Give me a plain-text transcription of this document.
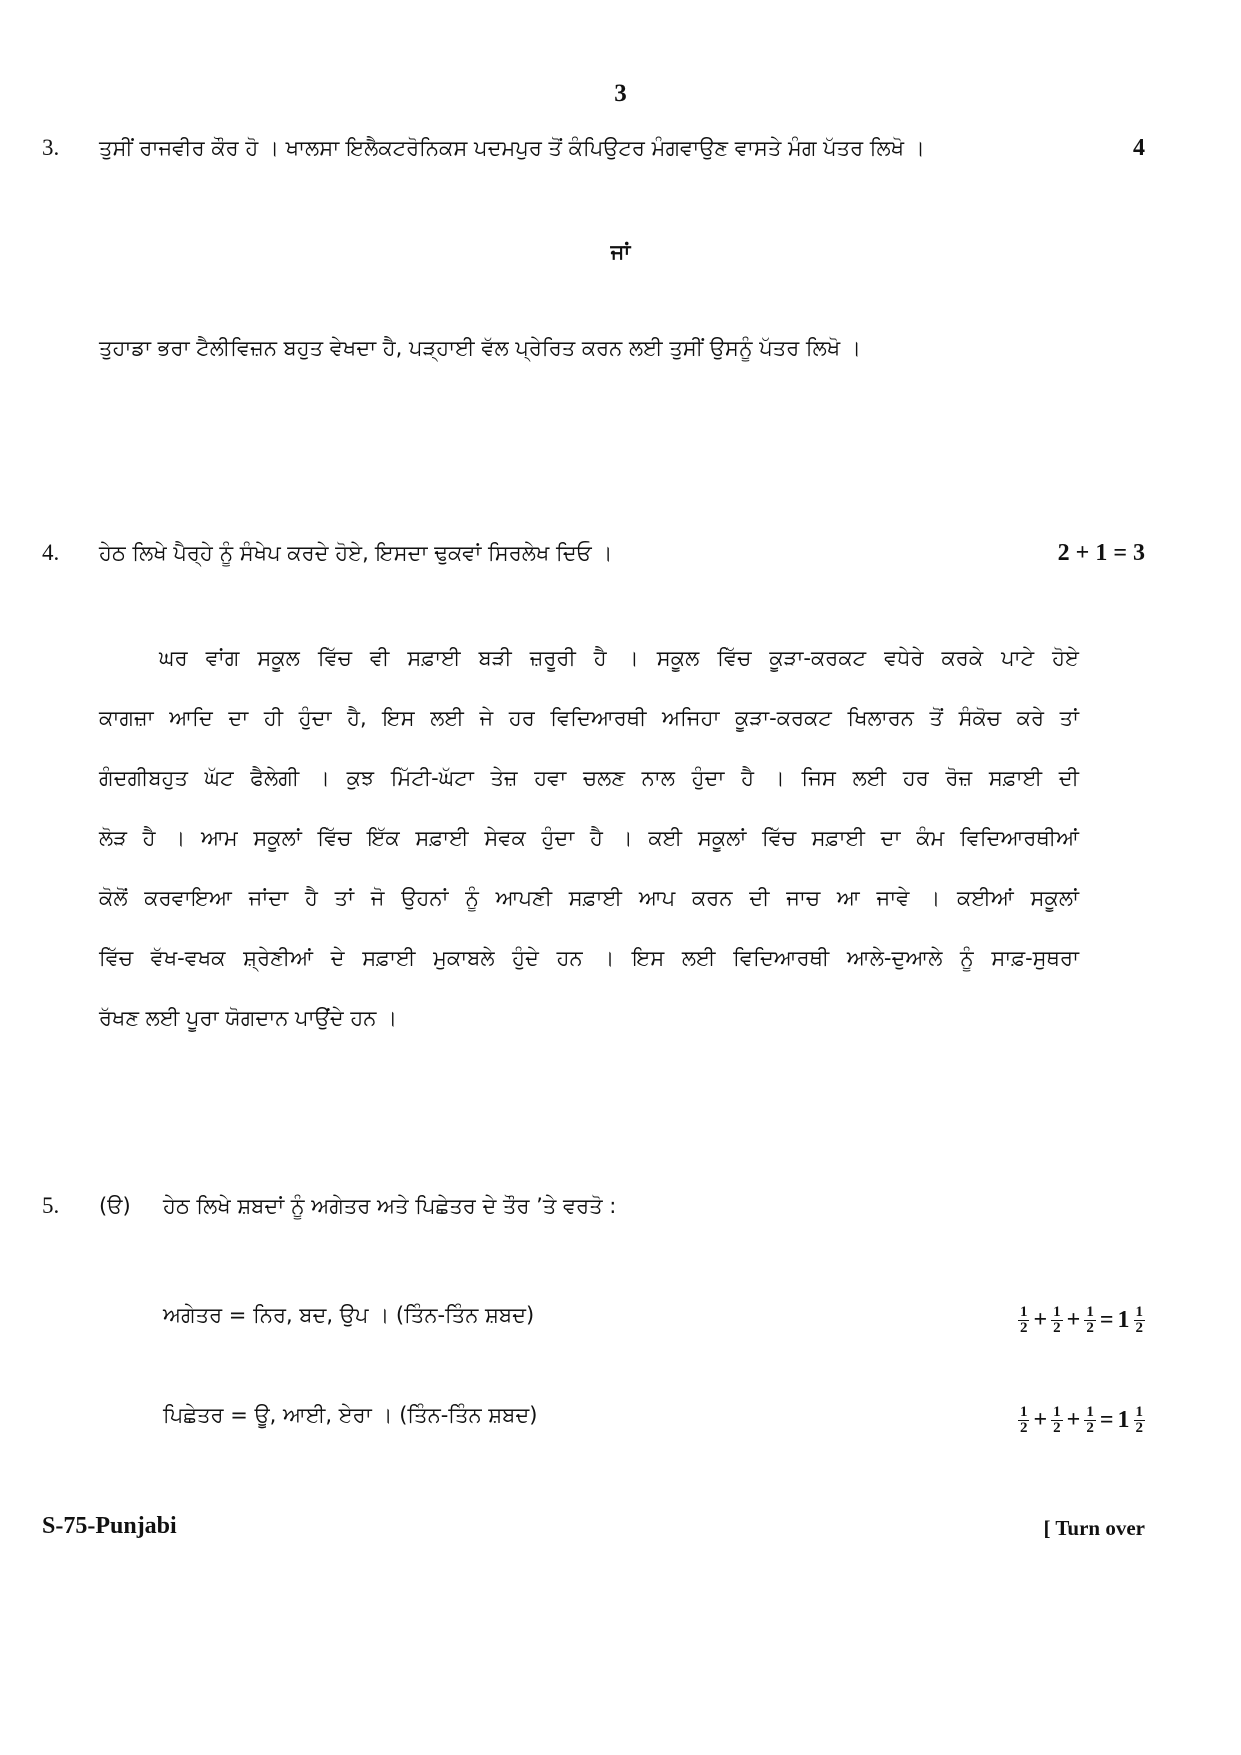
3
3. ਤੁਸੀਂ ਰਾਜਵੀਰ ਕੌਰ ਹੋ । ਖਾਲਸਾ ਇਲੈਕਟਰੋਨਿਕਸ ਪਦਮਪੁਰ ਤੋਂ ਕੰਪਿਉਟਰ ਮੰਗਵਾਉਣ ਵਾਸਤੇ ਮੰਗ ਪੱਤਰ ਲਿਖੋ ।	4
ਜਾਂ
ਤੁਹਾਡਾ ਭਰਾ ਟੈਲੀਵਿਜ਼ਨ ਬਹੁਤ ਵੇਖਦਾ ਹੈ, ਪੜ੍ਹਾਈ ਵੱਲ ਪ੍ਰੇਰਿਤ ਕਰਨ ਲਈ ਤੁਸੀਂ ਉਸਨੂੰ ਪੱਤਰ ਲਿਖੋ ।
4. ਹੇਠ ਲਿਖੇ ਪੈਰ੍ਹੇ ਨੂੰ ਸੰਖੇਪ ਕਰਦੇ ਹੋਏ, ਇਸਦਾ ਢੁਕਵਾਂ ਸਿਰਲੇਖ ਦਿਓ ।	2 + 1 = 3
ਘਰ ਵਾਂਗ ਸਕੂਲ ਵਿੱਚ ਵੀ ਸਫ਼ਾਈ ਬੜੀ ਜ਼ਰੂਰੀ ਹੈ । ਸਕੂਲ ਵਿੱਚ ਕੂੜਾ-ਕਰਕਟ ਵਧੇਰੇ ਕਰਕੇ ਪਾਟੇ ਹੋਏ
ਕਾਗਜ਼ਾ ਆਦਿ ਦਾ ਹੀ ਹੁੰਦਾ ਹੈ, ਇਸ ਲਈ ਜੇ ਹਰ ਵਿਦਿਆਰਥੀ ਅਜਿਹਾ ਕੂੜਾ-ਕਰਕਟ ਖਿਲਾਰਨ ਤੋਂ ਸੰਕੋਚ ਕਰੇ ਤਾਂ
ਗੰਦਗੀਬਹੁਤ ਘੱਟ ਫੈਲੇਗੀ । ਕੁਝ ਮਿੱਟੀ-ਘੱਟਾ ਤੇਜ਼ ਹਵਾ ਚਲਣ ਨਾਲ ਹੁੰਦਾ ਹੈ । ਜਿਸ ਲਈ ਹਰ ਰੋਜ਼ ਸਫ਼ਾਈ ਦੀ
ਲੋੜ ਹੈ । ਆਮ ਸਕੂਲਾਂ ਵਿੱਚ ਇੱਕ ਸਫ਼ਾਈ ਸੇਵਕ ਹੁੰਦਾ ਹੈ । ਕਈ ਸਕੂਲਾਂ ਵਿੱਚ ਸਫ਼ਾਈ ਦਾ ਕੰਮ ਵਿਦਿਆਰਥੀਆਂ
ਕੋਲੋਂ ਕਰਵਾਇਆ ਜਾਂਦਾ ਹੈ ਤਾਂ ਜੋ ਉਹਨਾਂ ਨੂੰ ਆਪਣੀ ਸਫ਼ਾਈ ਆਪ ਕਰਨ ਦੀ ਜਾਚ ਆ ਜਾਵੇ । ਕਈਆਂ ਸਕੂਲਾਂ
ਵਿੱਚ ਵੱਖ-ਵਖਕ ਸ਼੍ਰੇਣੀਆਂ ਦੇ ਸਫ਼ਾਈ ਮੁਕਾਬਲੇ ਹੁੰਦੇ ਹਨ । ਇਸ ਲਈ ਵਿਦਿਆਰਥੀ ਆਲੇ-ਦੁਆਲੇ ਨੂੰ ਸਾਫ਼-ਸੁਥਰਾ
ਰੱਖਣ ਲਈ ਪੂਰਾ ਯੋਗਦਾਨ ਪਾਉਂਦੇ ਹਨ ।
5. (ੳ) ਹੇਠ ਲਿਖੇ ਸ਼ਬਦਾਂ ਨੂੰ ਅਗੇਤਰ ਅਤੇ ਪਿਛੇਤਰ ਦੇ ਤੌਰ ’ਤੇ ਵਰਤੋ :
ਅਗੇਤਰ = ਨਿਰ, ਬਦ, ਉਪ । (ਤਿੰਨ-ਤਿੰਨ ਸ਼ਬਦ)	$\frac{1}{2} + \frac{1}{2} + \frac{1}{2} = 1 \frac{1}{2}$
ਪਿਛੇਤਰ = ਊ, ਆਈ, ਏਰਾ । (ਤਿੰਨ-ਤਿੰਨ ਸ਼ਬਦ)	$\frac{1}{2} + \frac{1}{2} + \frac{1}{2} = 1 \frac{1}{2}$
S-75-Punjabi	[ Turn over
